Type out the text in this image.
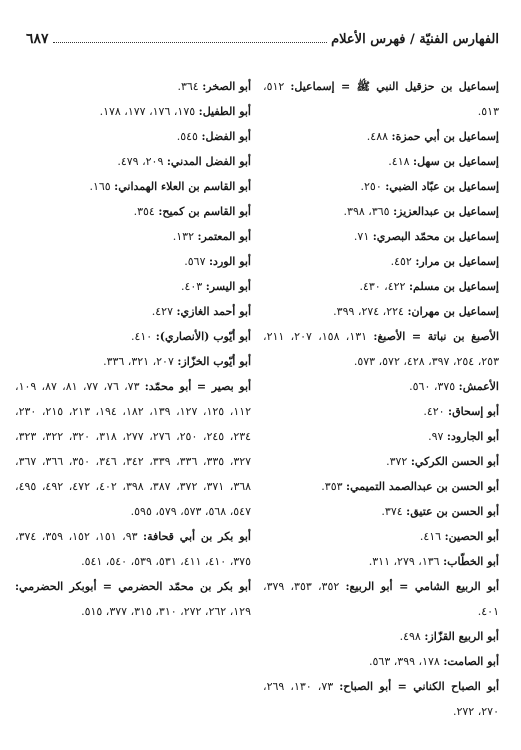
الفهارس الفنيّة / فهرس الأعلام
٦٨٧
إسماعيل بن حزقيل النبي ﷺ = إسماعيل: ٥١٢، ٥١٣.
إسماعيل بن أبي حمزة: ٤٨٨.
إسماعيل بن سهل: ٤١٨.
إسماعيل بن عبّاد الضبي: ٢٥٠.
إسماعيل بن عبدالعزيز: ٣٦٥، ٣٩٨.
إسماعيل بن محمّد البصري: ٧١.
إسماعيل بن مرار: ٤٥٢.
إسماعيل بن مسلم: ٤٢٢، ٤٣٠.
إسماعيل بن مهران: ٢٢٤، ٢٧٤، ٣٩٩.
الأصبغ بن نباتة = الأصبغ: ١٣١، ١٥٨، ٢٠٧، ٢١١، ٢٥٣، ٢٥٤، ٣٩٧، ٤٢٨، ٥٧٢، ٥٧٣.
الأعمش: ٣٧٥، ٥٦٠.
أبو إسحاق: ٤٢٠.
أبو الجارود: ٩٧.
أبو الحسن الكركي: ٣٧٢.
أبو الحسن بن عبدالصمد التميمي: ٣٥٣.
أبو الحسن بن عتيق: ٣٧٤.
أبو الحصين: ٤١٦.
أبو الخطّاب: ١٣٦، ٢٧٩، ٣١١.
أبو الربيع الشامي = أبو الربيع: ٣٥٢، ٣٥٣، ٣٧٩، ٤٠١.
أبو الربيع القزّاز: ٤٩٨.
أبو الصامت: ١٧٨، ٣٩٩، ٥٦٣.
أبو الصباح الكناني = أبو الصباح: ٧٣، ١٣٠، ٢٦٩، ٢٧٠، ٢٧٢.
أبو الصخر: ٣٦٤.
أبو الطفيل: ١٧٥، ١٧٦، ١٧٧، ١٧٨.
أبو الفضل: ٥٤٥.
أبو الفضل المدني: ٢٠٩، ٤٧٩.
أبو القاسم بن العلاء الهمداني: ١٦٥.
أبو القاسم بن كميح: ٣٥٤.
أبو المعتمر: ١٣٢.
أبو الورد: ٥٦٧.
أبو اليسر: ٤٠٣.
أبو أحمد الغازي: ٤٢٧.
أبو أيّوب (الأنصاري): ٤١٠.
أبو أيّوب الخزّاز: ٢٠٧، ٣٢١، ٣٣٦.
أبو بصير = أبو محمّد: ٧٣، ٧٦، ٧٧، ٨١، ٨٧، ١٠٩، ١١٢، ١٢٥، ١٢٧، ١٣٩، ١٨٢، ١٩٤، ٢١٣، ٢١٥، ٢٣٠، ٢٣٤، ٢٤٥، ٢٥٠، ٢٧٦، ٢٧٧، ٣١٨، ٣٢٠، ٣٢٢، ٣٢٣، ٣٢٧، ٣٣٥، ٣٣٦، ٣٣٩، ٣٤٢، ٣٤٦، ٣٥٠، ٣٦٦، ٣٦٧، ٣٦٨، ٣٧١، ٣٧٢، ٣٨٧، ٣٩٨، ٤٠٢، ٤٧٢، ٤٩٢، ٤٩٥، ٥٤٧، ٥٦٨، ٥٧٣، ٥٧٩، ٥٩٥.
أبو بكر بن أبي قحافة: ٩٣، ١٥١، ١٥٢، ٣٥٩، ٣٧٤، ٣٧٥، ٤١٠، ٤١١، ٥٣١، ٥٣٩، ٥٤٠، ٥٤١.
أبو بكر بن محمّد الحضرمي = أبوبكر الحضرمي: ١٢٩، ٢٦٢، ٢٧٢، ٣١٠، ٣١٥، ٣٧٧، ٥١٥.
